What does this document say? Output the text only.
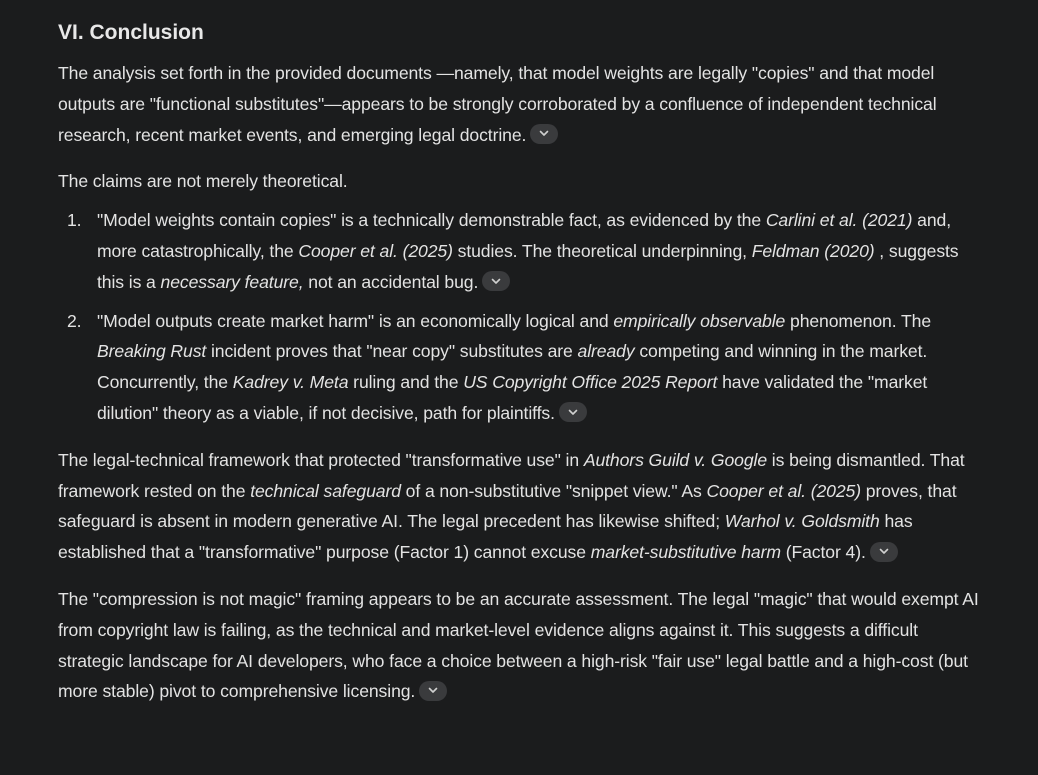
VI. Conclusion

The analysis set forth in the provided documents —namely, that model weights are legally "copies" and that model outputs are "functional substitutes"—appears to be strongly corroborated by a confluence of independent technical research, recent market events, and emerging legal doctrine.

The claims are not merely theoretical.

1. "Model weights contain copies" is a technically demonstrable fact, as evidenced by the Carlini et al. (2021) and, more catastrophically, the Cooper et al. (2025) studies. The theoretical underpinning, Feldman (2020) , suggests this is a necessary feature, not an accidental bug.
2. "Model outputs create market harm" is an economically logical and empirically observable phenomenon. The Breaking Rust incident proves that "near copy" substitutes are already competing and winning in the market. Concurrently, the Kadrey v. Meta ruling and the US Copyright Office 2025 Report have validated the "market dilution" theory as a viable, if not decisive, path for plaintiffs.

The legal-technical framework that protected "transformative use" in Authors Guild v. Google is being dismantled. That framework rested on the technical safeguard of a non-substitutive "snippet view." As Cooper et al. (2025) proves, that safeguard is absent in modern generative AI. The legal precedent has likewise shifted; Warhol v. Goldsmith has established that a "transformative" purpose (Factor 1) cannot excuse market-substitutive harm (Factor 4).

The "compression is not magic" framing appears to be an accurate assessment. The legal "magic" that would exempt AI from copyright law is failing, as the technical and market-level evidence aligns against it. This suggests a difficult strategic landscape for AI developers, who face a choice between a high-risk "fair use" legal battle and a high-cost (but more stable) pivot to comprehensive licensing.
